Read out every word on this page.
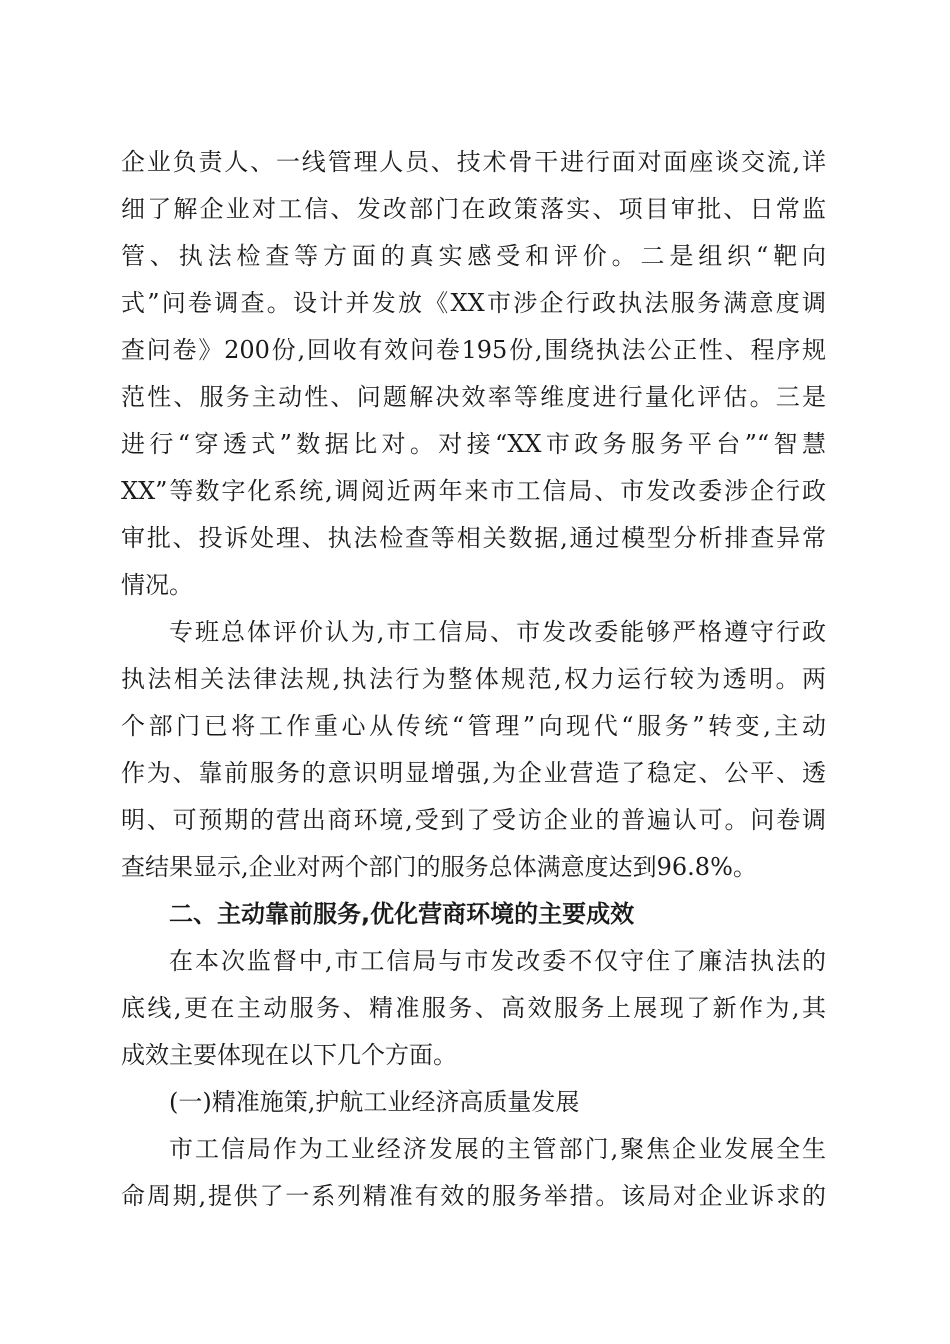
企业负责人、一线管理人员、技术骨干进行面对面座谈交流,详
细了解企业对工信、发改部门在政策落实、项目审批、日常监
管、执法检查等方面的真实感受和评价。二是组织“靶向
式”问卷调查。设计并发放《XX市涉企行政执法服务满意度调
查问卷》200份,回收有效问卷195份,围绕执法公正性、程序规
范性、服务主动性、问题解决效率等维度进行量化评估。三是
进行“穿透式”数据比对。对接“XX市政务服务平台”“智慧
XX”等数字化系统,调阅近两年来市工信局、市发改委涉企行政
审批、投诉处理、执法检查等相关数据,通过模型分析排查异常
情况。
专班总体评价认为,市工信局、市发改委能够严格遵守行政
执法相关法律法规,执法行为整体规范,权力运行较为透明。两
个部门已将工作重心从传统“管理”向现代“服务”转变,主动
作为、靠前服务的意识明显增强,为企业营造了稳定、公平、透
明、可预期的营出商环境,受到了受访企业的普遍认可。问卷调
查结果显示,企业对两个部门的服务总体满意度达到96.8%。
二、主动靠前服务,优化营商环境的主要成效
在本次监督中,市工信局与市发改委不仅守住了廉洁执法的
底线,更在主动服务、精准服务、高效服务上展现了新作为,其
成效主要体现在以下几个方面。
(一)精准施策,护航工业经济高质量发展
市工信局作为工业经济发展的主管部门,聚焦企业发展全生
命周期,提供了一系列精准有效的服务举措。该局对企业诉求的
